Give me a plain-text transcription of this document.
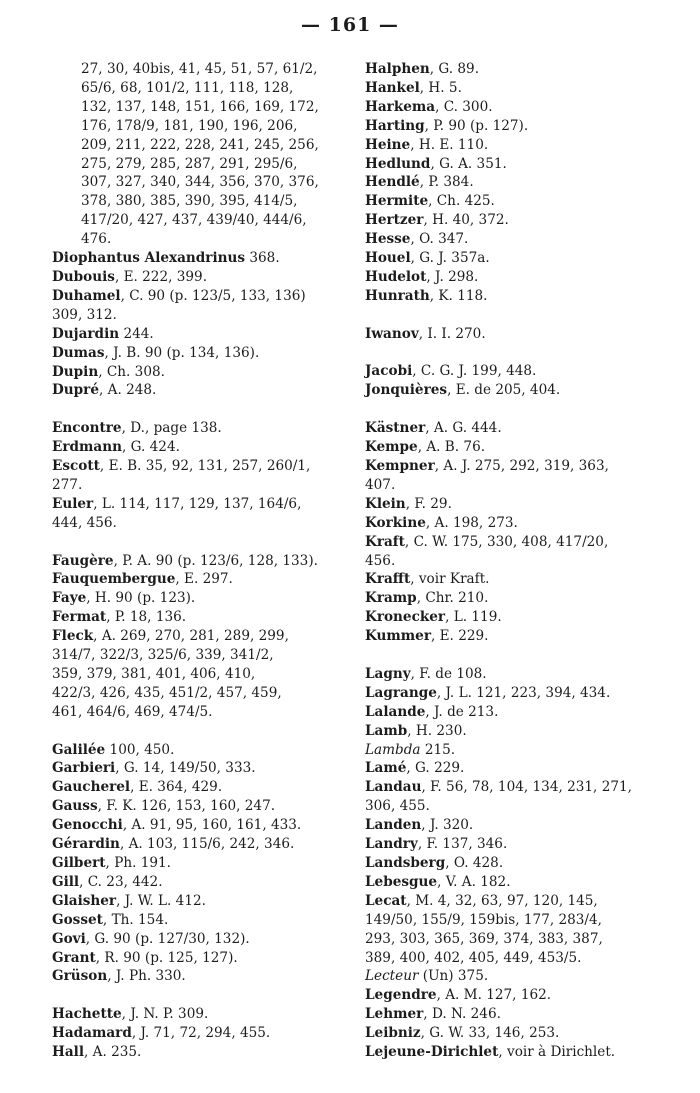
— 161 —
27, 30, 40bis, 41, 45, 51, 57, 61/2,
65/6, 68, 101/2, 111, 118, 128,
132, 137, 148, 151, 166, 169, 172,
176, 178/9, 181, 190, 196, 206,
209, 211, 222, 228, 241, 245, 256,
275, 279, 285, 287, 291, 295/6,
307, 327, 340, 344, 356, 370, 376,
378, 380, 385, 390, 395, 414/5,
417/20, 427, 437, 439/40, 444/6,
476.
Diophantus Alexandrinus 368.
Dubouis, E. 222, 399.
Duhamel, C. 90 (p. 123/5, 133, 136)
309, 312.
Dujardin 244.
Dumas, J. B. 90 (p. 134, 136).
Dupin, Ch. 308.
Dupré, A. 248.
Encontre, D., page 138.
Erdmann, G. 424.
Escott, E. B. 35, 92, 131, 257, 260/1,
277.
Euler, L. 114, 117, 129, 137, 164/6,
444, 456.
Faugère, P. A. 90 (p. 123/6, 128, 133).
Fauquembergue, E. 297.
Faye, H. 90 (p. 123).
Fermat, P. 18, 136.
Fleck, A. 269, 270, 281, 289, 299,
314/7, 322/3, 325/6, 339, 341/2,
359, 379, 381, 401, 406, 410,
422/3, 426, 435, 451/2, 457, 459,
461, 464/6, 469, 474/5.
Galilée 100, 450.
Garbieri, G. 14, 149/50, 333.
Gaucherel, E. 364, 429.
Gauss, F. K. 126, 153, 160, 247.
Genocchi, A. 91, 95, 160, 161, 433.
Gérardin, A. 103, 115/6, 242, 346.
Gilbert, Ph. 191.
Gill, C. 23, 442.
Glaisher, J. W. L. 412.
Gosset, Th. 154.
Govi, G. 90 (p. 127/30, 132).
Grant, R. 90 (p. 125, 127).
Grüson, J. Ph. 330.
Hachette, J. N. P. 309.
Hadamard, J. 71, 72, 294, 455.
Hall, A. 235.
Halphen, G. 89.
Hankel, H. 5.
Harkema, C. 300.
Harting, P. 90 (p. 127).
Heine, H. E. 110.
Hedlund, G. A. 351.
Hendlé, P. 384.
Hermite, Ch. 425.
Hertzer, H. 40, 372.
Hesse, O. 347.
Houel, G. J. 357a.
Hudelot, J. 298.
Hunrath, K. 118.
Iwanov, I. I. 270.
Jacobi, C. G. J. 199, 448.
Jonquières, E. de 205, 404.
Kästner, A. G. 444.
Kempe, A. B. 76.
Kempner, A. J. 275, 292, 319, 363,
407.
Klein, F. 29.
Korkine, A. 198, 273.
Kraft, C. W. 175, 330, 408, 417/20,
456.
Krafft, voir Kraft.
Kramp, Chr. 210.
Kronecker, L. 119.
Kummer, E. 229.
Lagny, F. de 108.
Lagrange, J. L. 121, 223, 394, 434.
Lalande, J. de 213.
Lamb, H. 230.
Lambda 215.
Lamé, G. 229.
Landau, F. 56, 78, 104, 134, 231, 271,
306, 455.
Landen, J. 320.
Landry, F. 137, 346.
Landsberg, O. 428.
Lebesgue, V. A. 182.
Lecat, M. 4, 32, 63, 97, 120, 145,
149/50, 155/9, 159bis, 177, 283/4,
293, 303, 365, 369, 374, 383, 387,
389, 400, 402, 405, 449, 453/5.
Lecteur (Un) 375.
Legendre, A. M. 127, 162.
Lehmer, D. N. 246.
Leibniz, G. W. 33, 146, 253.
Lejeune-Dirichlet, voir à Dirichlet.
